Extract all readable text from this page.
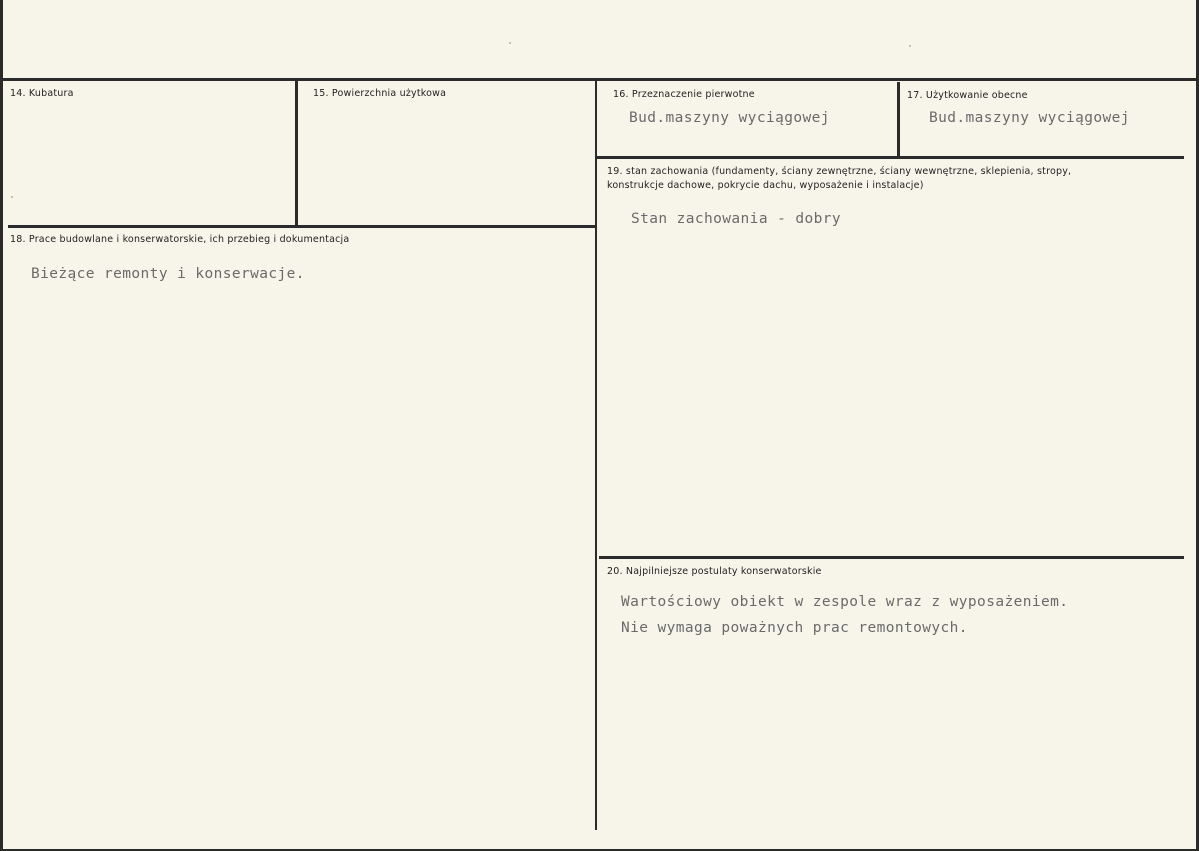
14. Kubatura	15. Powierzchnia użytkowa	16. Przeznaczenie pierwotne
Bud.maszyny wyciągowej
17. Użytkowanie obecne
Bud.maszyny wyciągowej
18. Prace budowlane i konserwatorskie, ich przebieg i dokumentacja
Bieżące remonty i konserwacje.
19. stan zachowania (fundamenty, ściany zewnętrzne, ściany wewnętrzne, sklepienia, stropy, konstrukcje dachowe, pokrycie dachu, wyposażenie i instalacje)
Stan zachowania - dobry
20. Najpilniejsze postulaty konserwatorskie
Wartościowy obiekt w zespole wraz z wyposażeniem.
Nie wymaga poważnych prac remontowych.
